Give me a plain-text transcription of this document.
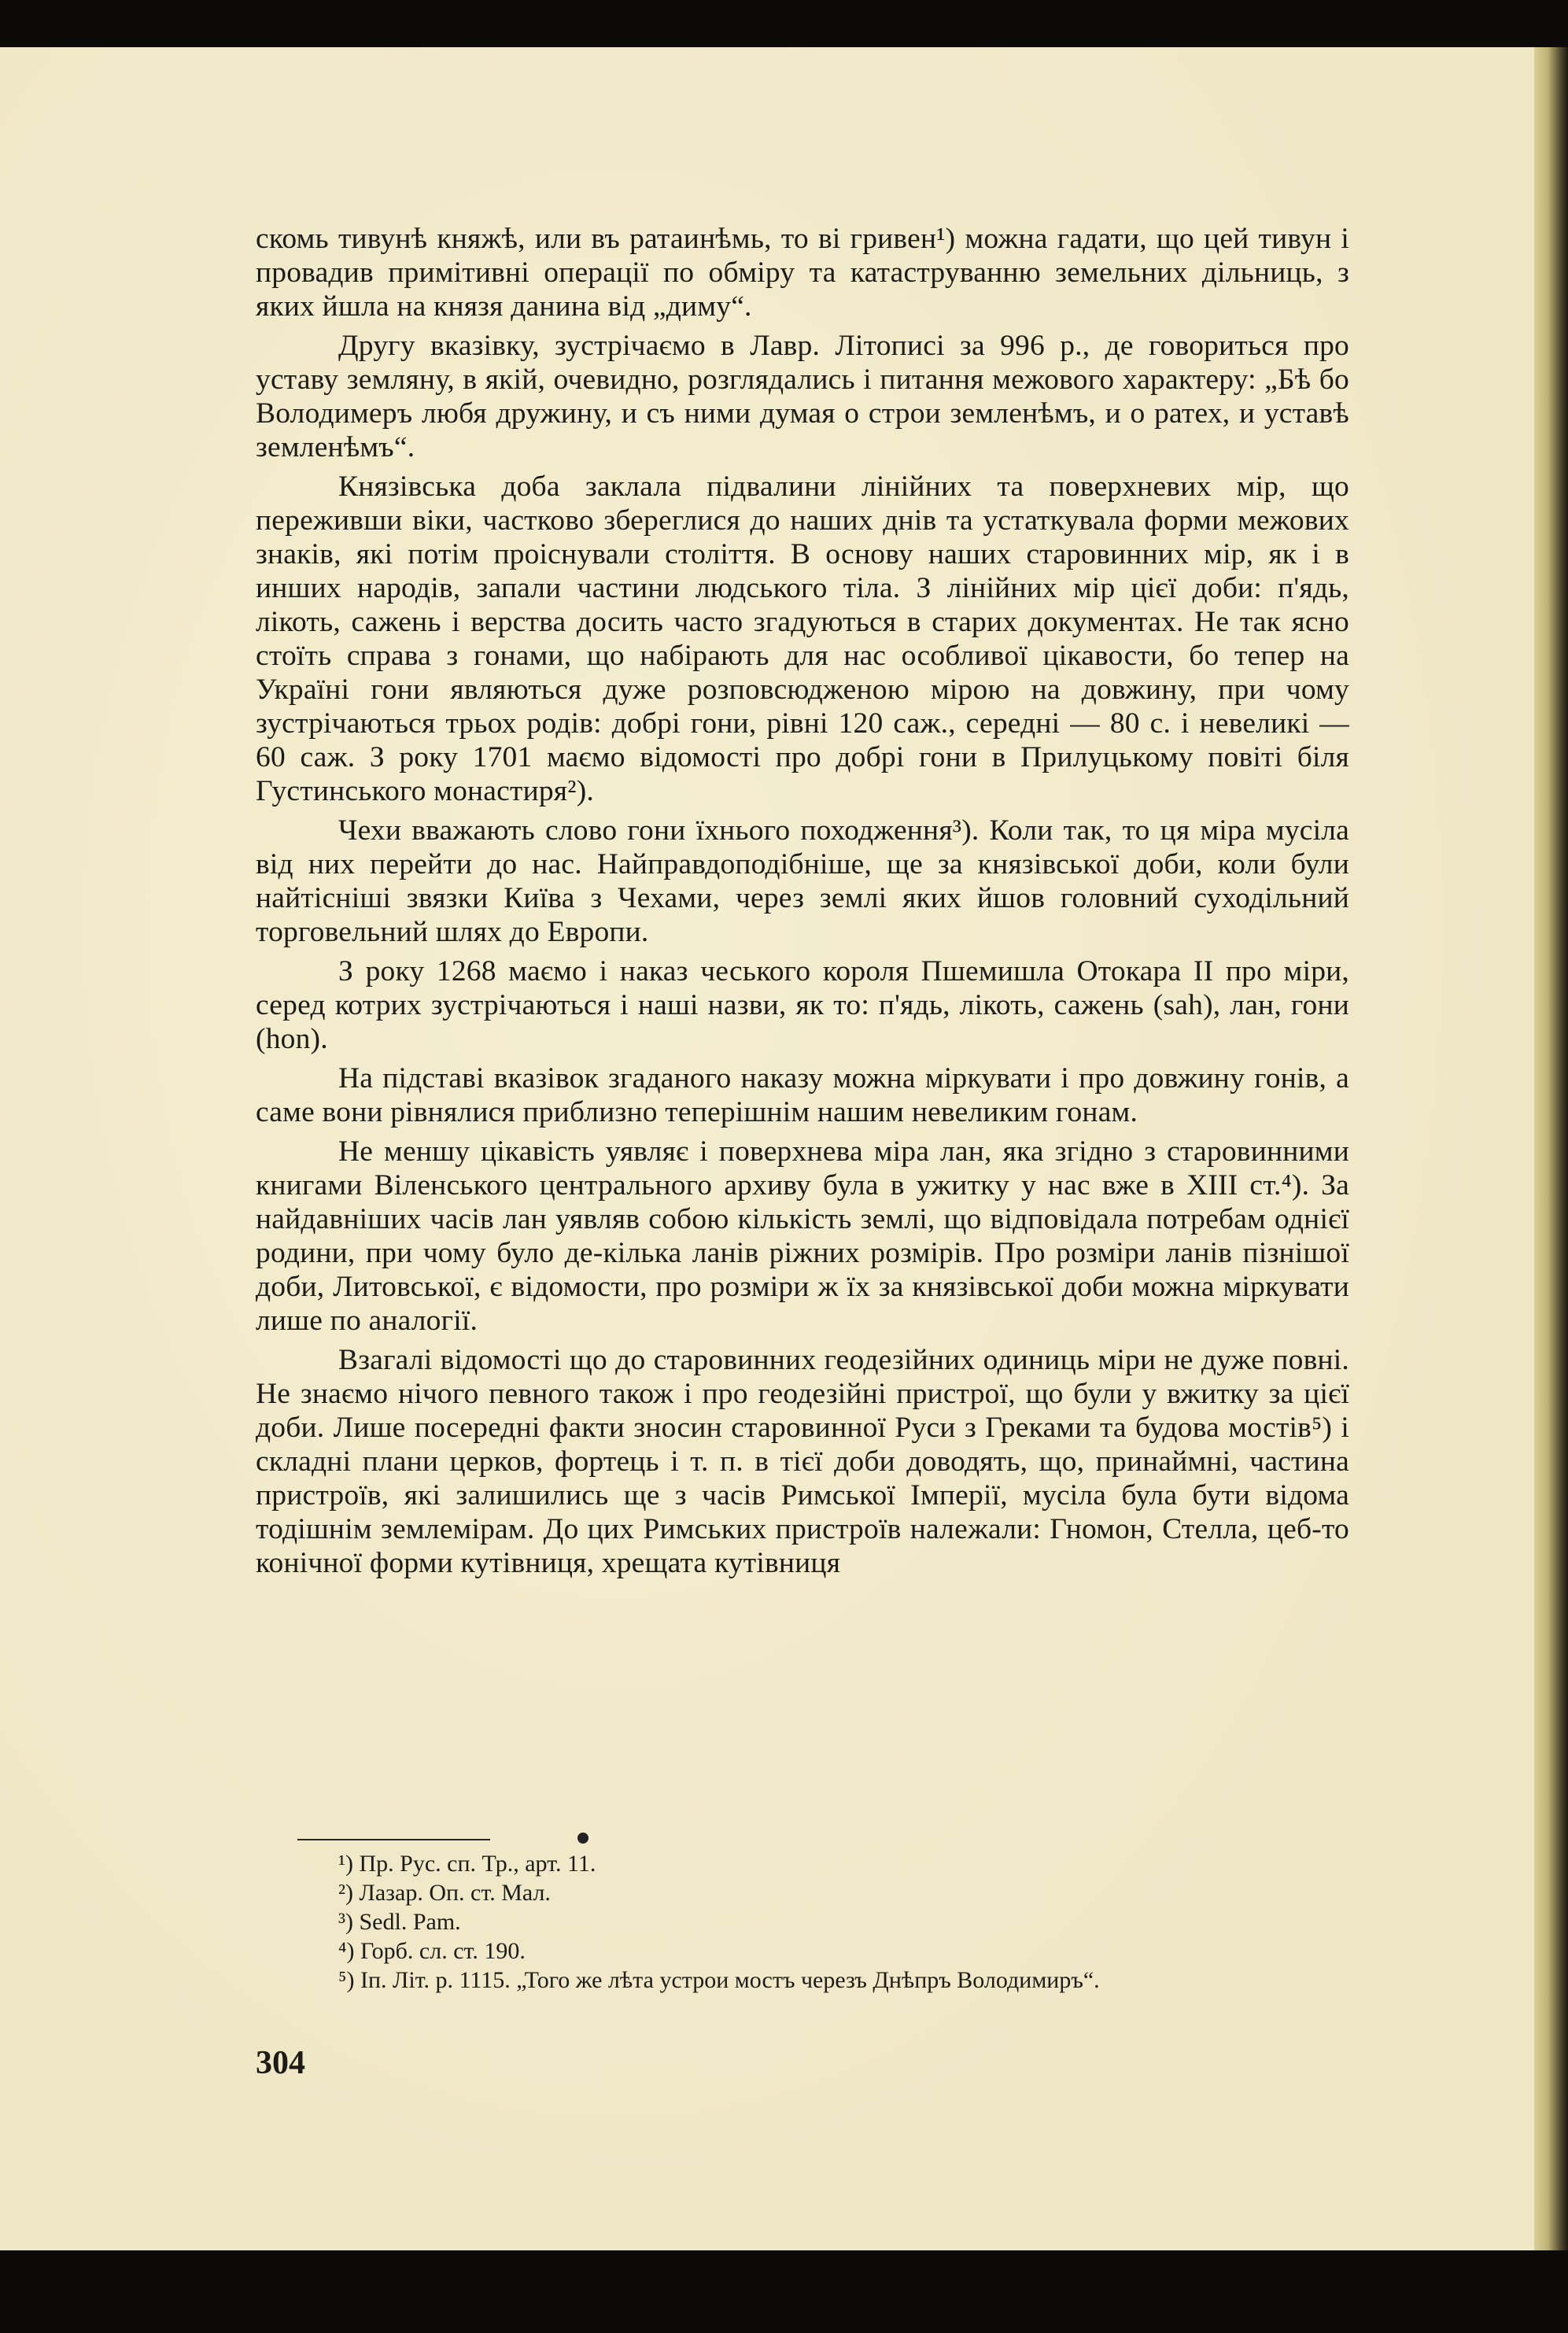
скомь тивунѣ княжѣ, или въ ратаинѣмь, то ві гривен¹) можна гадати, що цей тивун і провадив примітивні операції по обміру та катаструванню земельних дільниць, з яких йшла на князя данина від „диму“.

Другу вказівку, зустрічаємо в Лавр. Літописі за 996 р., де говориться про уставу земляну, в якій, очевидно, розглядались і питання межового характеру: „Бѣ бо Володимеръ любя дружину, и съ ними думая о строи земленѣмъ, и о ратех, и уставѣ земленѣмъ“.

Князівська доба заклала підвалини лінійних та поверхневих мір, що переживши віки, частково збереглися до наших днів та устаткувала форми межових знаків, які потім проіснували століття. В основу наших старовинних мір, як і в инших народів, запали частини людського тіла. З лінійних мір цієї доби: п'ядь, лікоть, сажень і верства досить часто згадуються в старих документах. Не так ясно стоїть справа з гонами, що набірають для нас особливої цікавости, бо тепер на Україні гони являються дуже розповсюдженою мірою на довжину, при чому зустрічаються трьох родів: добрі гони, рівні 120 саж., середні — 80 с. і невеликі — 60 саж. З року 1701 маємо відомості про добрі гони в Прилуцькому повіті біля Густинського монастиря²).

Чехи вважають слово гони їхнього походження³). Коли так, то ця міра мусіла від них перейти до нас. Найправдоподібніше, ще за князівської доби, коли були найтісніші звязки Київа з Чехами, через землі яких йшов головний суходільний торговельний шлях до Европи.

З року 1268 маємо і наказ чеського короля Пшемишла Отокара II про міри, серед котрих зустрічаються і наші назви, як то: п'ядь, лікоть, сажень (sah), лан, гони (hon).

На підставі вказівок згаданого наказу можна міркувати і про довжину гонів, а саме вони рівнялися приблизно теперішнім нашим невеликим гонам.

Не меншу цікавість уявляє і поверхнева міра лан, яка згідно з старовинними книгами Віленського центрального архиву була в ужитку у нас вже в XIII ст.⁴). За найдавніших часів лан уявляв собою кількість землі, що відповідала потребам однієї родини, при чому було де-кілька ланів ріжних розмірів. Про розміри ланів пізнішої доби, Литовської, є відомости, про розміри ж їх за князівської доби можна міркувати лише по аналогії.

Взагалі відомості що до старовинних геодезійних одиниць міри не дуже повні. Не знаємо нічого певного також і про геодезійні пристрої, що були у вжитку за цієї доби. Лише посередні факти зносин старовинної Руси з Греками та будова мостів⁵) і складні плани церков, фортець і т. п. в тієї доби доводять, що, принаймні, частина пристроїв, які залишились ще з часів Римської Імперії, мусіла була бути відома тодішнім землемірам. До цих Римських пристроїв належали: Гномон, Стелла, цеб-то конічної форми кутівниця, хрещата кутівниця

¹) Пр. Рус. сп. Тр., арт. 11.
²) Лазар. Оп. ст. Мал.
³) Sedl. Pam.
⁴) Горб. сл. ст. 190.
⁵) Іп. Літ. р. 1115. „Того же лѣта устрои мостъ черезъ Днѣпръ Володимиръ“.
304
